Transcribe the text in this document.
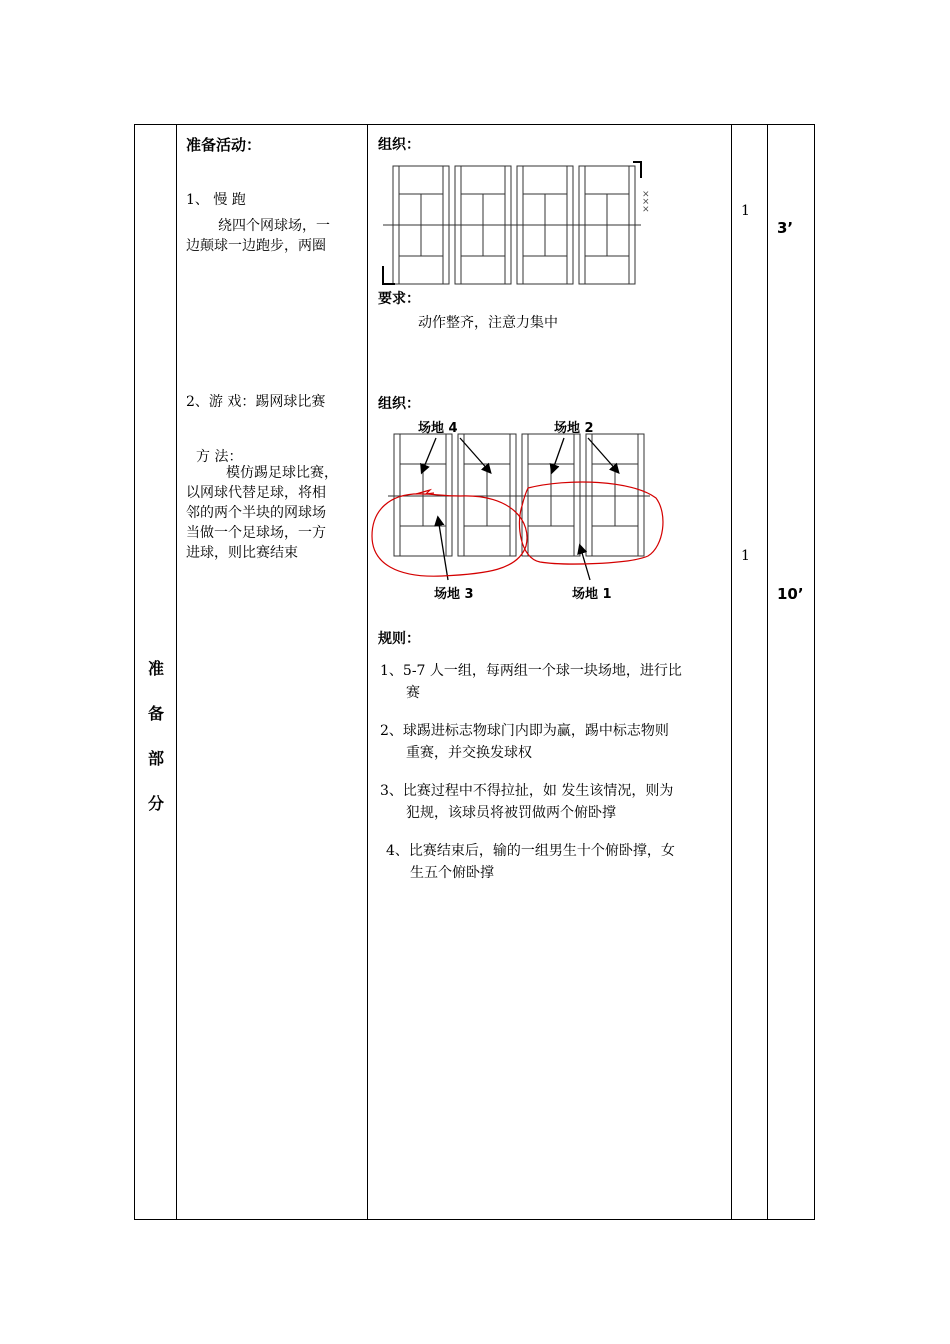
准
备
部
分
准备活动：
1、 慢 跑
绕四个网球场，一
边颠球一边跑步，两圈
2、游 戏：踢网球比赛
方 法：
模仿踢足球比赛，
以网球代替足球，将相
邻的两个半块的网球场
当做一个足球场，一方
进球，则比赛结束
组织：
×××
要求：
动作整齐，注意力集中
组织：
场地 4	场地 2
场地 3	场地 1
规则：
1、5-7 人一组，每两组一个球一块场地，进行比
赛
2、球踢进标志物球门内即为赢，踢中标志物则
重赛，并交换发球权
3、比赛过程中不得拉扯，如 发生该情况，则为
犯规，该球员将被罚做两个俯卧撑
4、比赛结束后，输的一组男生十个俯卧撑，女
生五个俯卧撑
1
1
3’
10’
